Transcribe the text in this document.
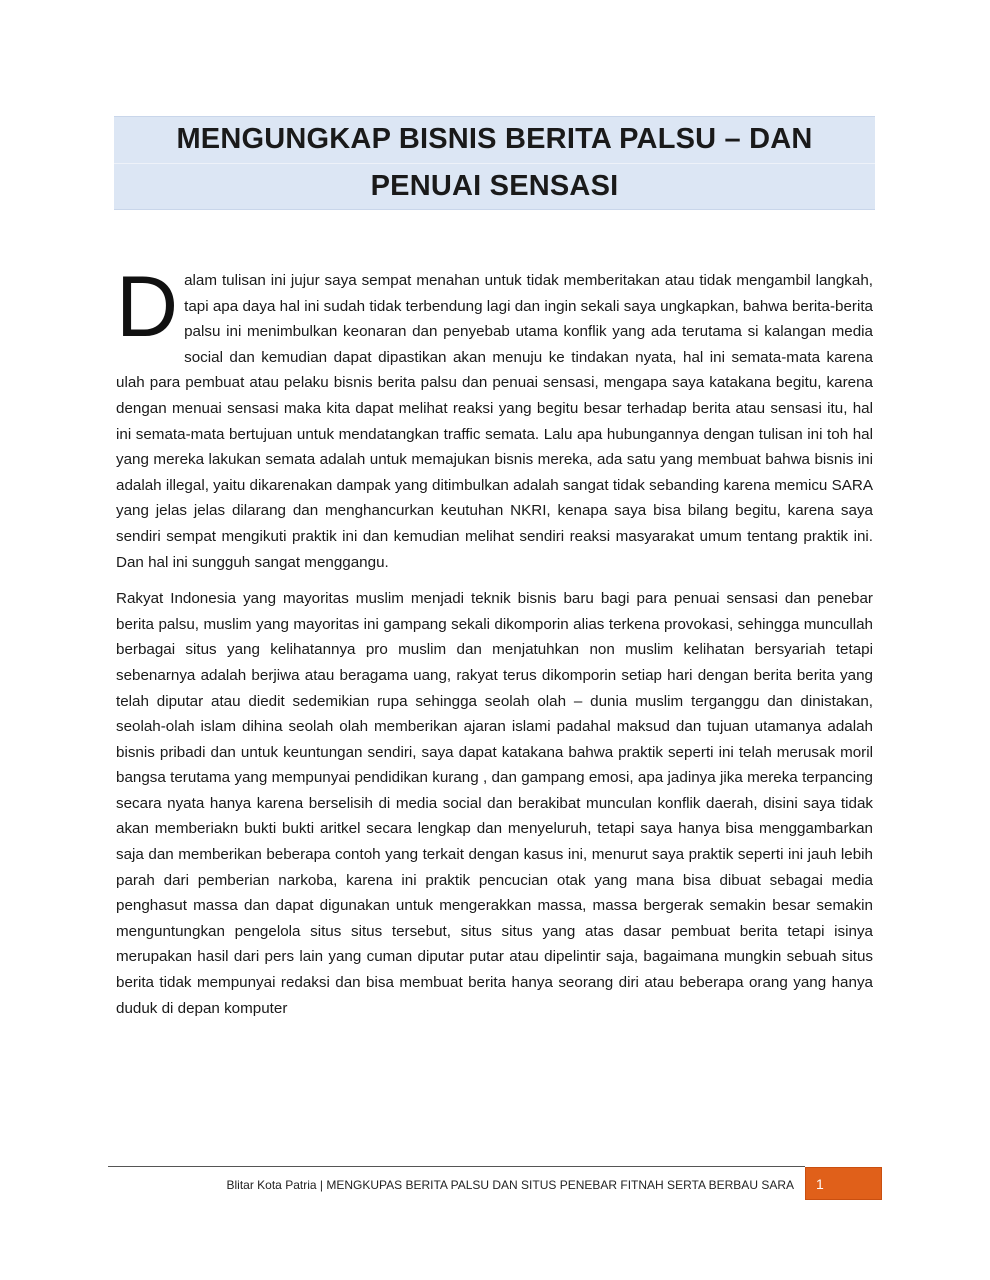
MENGUNGKAP BISNIS BERITA PALSU – DAN
PENUAI SENSASI

Dalam tulisan ini jujur saya sempat menahan untuk tidak memberitakan atau tidak mengambil langkah, tapi apa daya hal ini sudah tidak terbendung lagi dan ingin sekali saya ungkapkan, bahwa berita-berita palsu ini menimbulkan keonaran dan penyebab utama konflik yang ada terutama si kalangan media social dan kemudian dapat dipastikan akan menuju ke tindakan nyata, hal ini semata-mata karena ulah para pembuat atau pelaku bisnis berita palsu dan penuai sensasi, mengapa saya katakana begitu, karena dengan menuai sensasi maka kita dapat melihat reaksi yang begitu besar terhadap berita atau sensasi itu, hal ini semata-mata bertujuan untuk mendatangkan traffic semata. Lalu apa hubungannya dengan tulisan ini toh hal yang mereka lakukan semata adalah untuk memajukan bisnis mereka, ada satu yang membuat bahwa bisnis ini adalah illegal, yaitu dikarenakan dampak yang ditimbulkan adalah sangat tidak sebanding karena memicu SARA yang jelas jelas dilarang dan menghancurkan keutuhan NKRI, kenapa saya bisa bilang begitu, karena saya sendiri sempat mengikuti praktik ini dan kemudian melihat sendiri reaksi masyarakat umum tentang praktik ini. Dan hal ini sungguh sangat menggangu.

Rakyat Indonesia yang mayoritas muslim menjadi teknik bisnis baru bagi para penuai sensasi dan penebar berita palsu, muslim yang mayoritas ini gampang sekali dikomporin alias terkena provokasi, sehingga muncullah berbagai situs yang kelihatannya pro muslim dan menjatuhkan non muslim kelihatan bersyariah tetapi sebenarnya adalah berjiwa atau beragama uang, rakyat terus dikomporin setiap hari dengan berita berita yang telah diputar atau diedit sedemikian rupa sehingga seolah olah – dunia muslim terganggu dan dinistakan, seolah-olah islam dihina seolah olah memberikan ajaran islami padahal maksud dan tujuan utamanya adalah bisnis pribadi dan untuk keuntungan sendiri, saya dapat katakana bahwa praktik seperti ini telah merusak moril bangsa terutama yang mempunyai pendidikan kurang , dan gampang emosi, apa jadinya jika mereka terpancing secara nyata hanya karena berselisih di media social dan berakibat munculan konflik daerah, disini saya tidak akan memberiakn bukti bukti aritkel secara lengkap dan menyeluruh, tetapi saya hanya bisa menggambarkan saja dan memberikan beberapa contoh yang terkait dengan kasus ini, menurut saya praktik seperti ini jauh lebih parah dari pemberian narkoba, karena ini praktik pencucian otak yang mana bisa dibuat sebagai media penghasut massa dan dapat digunakan untuk mengerakkan massa, massa bergerak semakin besar semakin menguntungkan pengelola situs situs tersebut, situs situs yang atas dasar pembuat berita tetapi isinya merupakan hasil dari pers lain yang cuman diputar putar atau dipelintir saja, bagaimana mungkin sebuah situs berita tidak mempunyai redaksi dan bisa membuat berita hanya seorang diri atau beberapa orang yang hanya duduk di depan komputer

Blitar Kota Patria | MENGKUPAS BERITA PALSU DAN SITUS PENEBAR FITNAH SERTA BERBAU SARA 1
